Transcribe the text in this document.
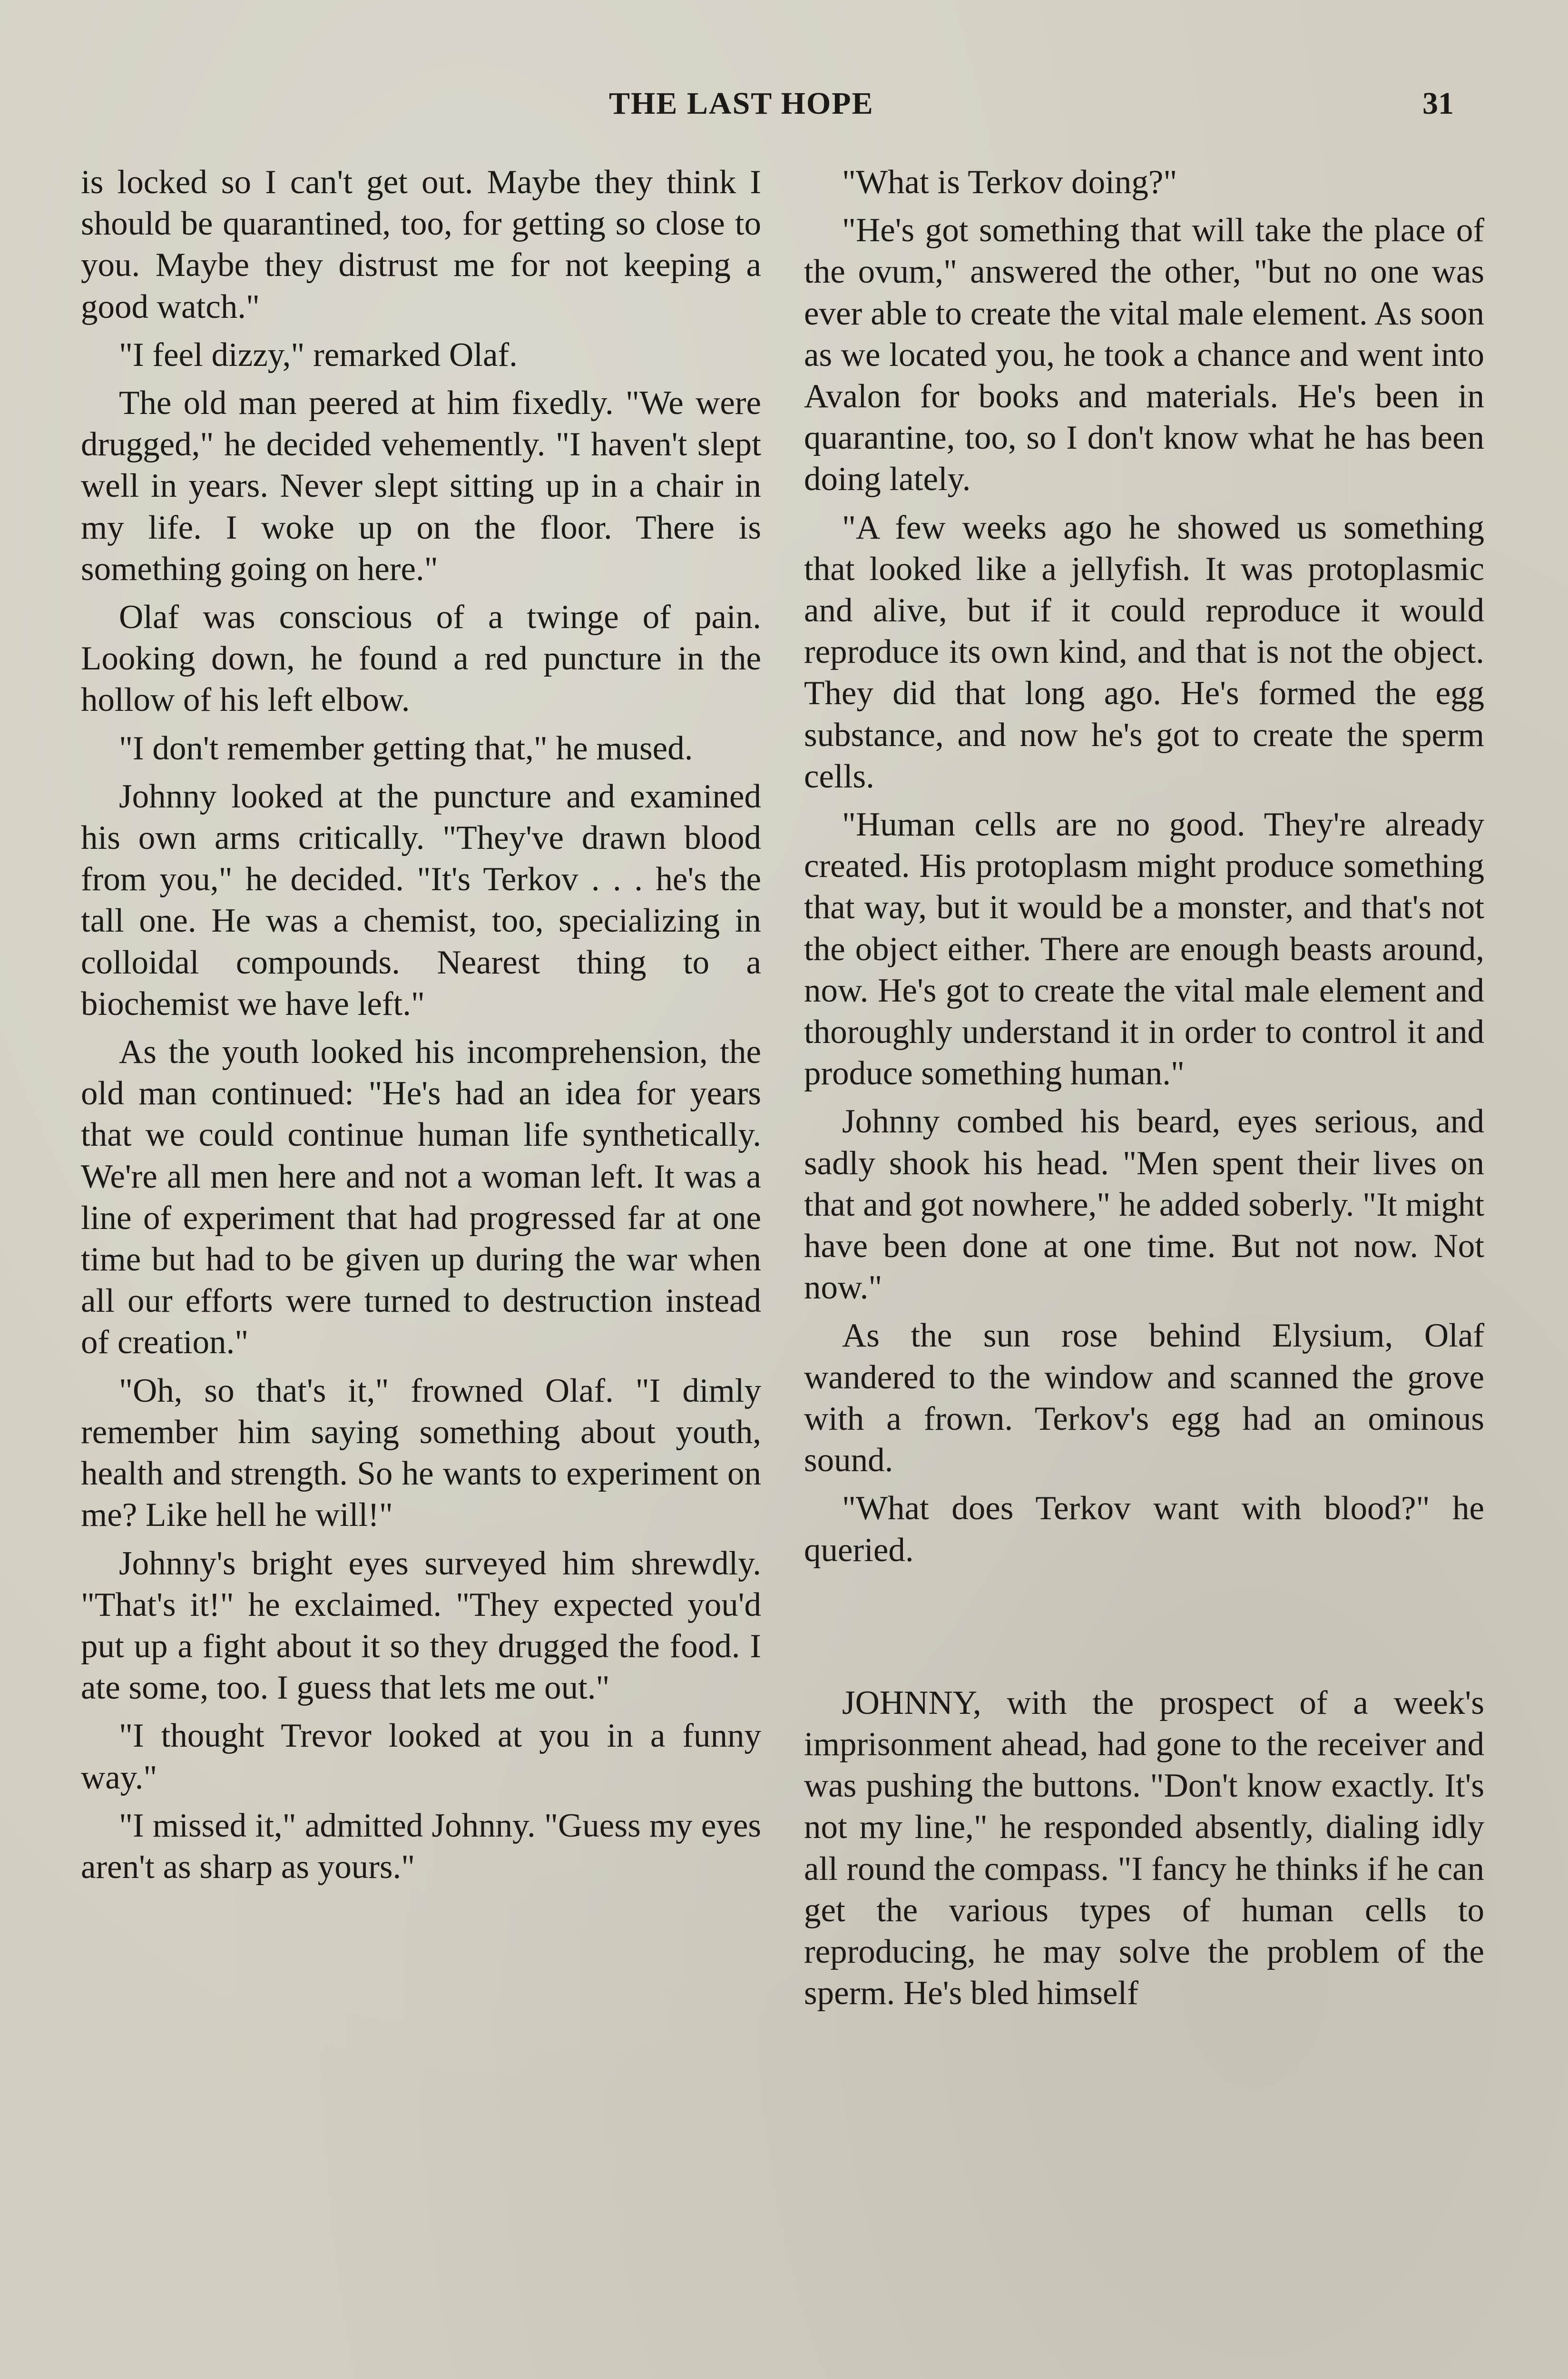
THE LAST HOPE	31

is locked so I can't get out. Maybe they think I should be quarantined, too, for getting so close to you. Maybe they distrust me for not keeping a good watch."

"I feel dizzy," remarked Olaf.

The old man peered at him fixedly. "We were drugged," he decided vehemently. "I haven't slept well in years. Never slept sitting up in a chair in my life. I woke up on the floor. There is something going on here."

Olaf was conscious of a twinge of pain. Looking down, he found a red puncture in the hollow of his left elbow.

"I don't remember getting that," he mused.

Johnny looked at the puncture and examined his own arms critically. "They've drawn blood from you," he decided. "It's Terkov . . . he's the tall one. He was a chemist, too, specializing in colloidal compounds. Nearest thing to a biochemist we have left."

As the youth looked his incomprehension, the old man continued: "He's had an idea for years that we could continue human life synthetically. We're all men here and not a woman left. It was a line of experiment that had progressed far at one time but had to be given up during the war when all our efforts were turned to destruction instead of creation."

"Oh, so that's it," frowned Olaf. "I dimly remember him saying something about youth, health and strength. So he wants to experiment on me? Like hell he will!"

Johnny's bright eyes surveyed him shrewdly. "That's it!" he exclaimed. "They expected you'd put up a fight about it so they drugged the food. I ate some, too. I guess that lets me out."

"I thought Trevor looked at you in a funny way."

"I missed it," admitted Johnny. "Guess my eyes aren't as sharp as yours."

"What is Terkov doing?"

"He's got something that will take the place of the ovum," answered the other, "but no one was ever able to create the vital male element. As soon as we located you, he took a chance and went into Avalon for books and materials. He's been in quarantine, too, so I don't know what he has been doing lately.

"A few weeks ago he showed us something that looked like a jellyfish. It was protoplasmic and alive, but if it could reproduce it would reproduce its own kind, and that is not the object. They did that long ago. He's formed the egg substance, and now he's got to create the sperm cells.

"Human cells are no good. They're already created. His protoplasm might produce something that way, but it would be a monster, and that's not the object either. There are enough beasts around, now. He's got to create the vital male element and thoroughly understand it in order to control it and produce something human."

Johnny combed his beard, eyes serious, and sadly shook his head. "Men spent their lives on that and got nowhere," he added soberly. "It might have been done at one time. But not now. Not now."

As the sun rose behind Elysium, Olaf wandered to the window and scanned the grove with a frown. Terkov's egg had an ominous sound.

"What does Terkov want with blood?" he queried.

JOHNNY, with the prospect of a week's imprisonment ahead, had gone to the receiver and was pushing the buttons. "Don't know exactly. It's not my line," he responded absently, dialing idly all round the compass. "I fancy he thinks if he can get the various types of human cells to reproducing, he may solve the problem of the sperm. He's bled himself
